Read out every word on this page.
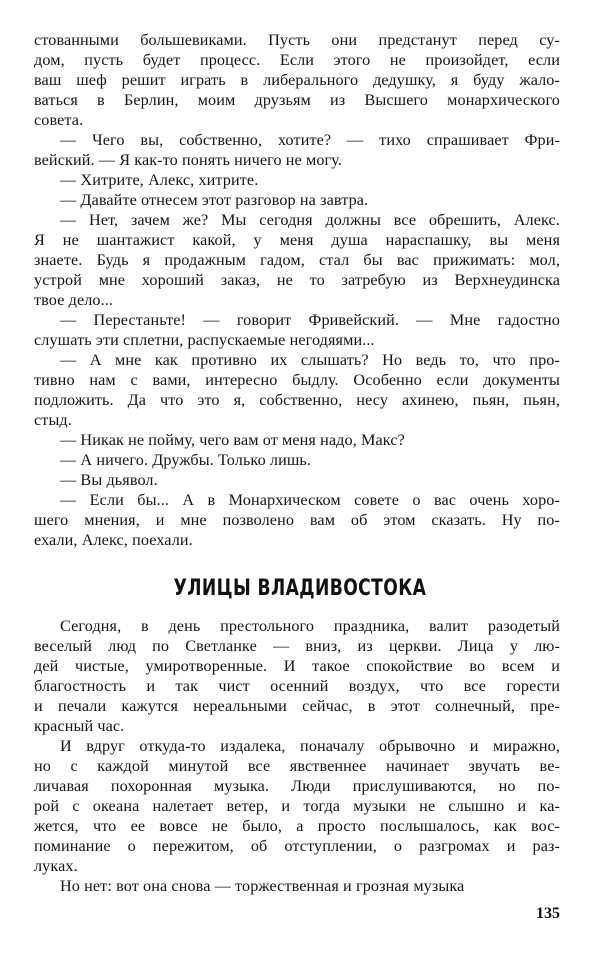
стованными большевиками. Пусть они предстанут перед су-
дом, пусть будет процесс. Если этого не произойдет, если
ваш шеф решит играть в либерального дедушку, я буду жало-
ваться в Берлин, моим друзьям из Высшего монархического
совета.
— Чего вы, собственно, хотите? — тихо спрашивает Фри-
вейский. — Я как-то понять ничего не могу.
— Хитрите, Алекс, хитрите.
— Давайте отнесем этот разговор на завтра.
— Нет, зачем же? Мы сегодня должны все обрешить, Алекс.
Я не шантажист какой, у меня душа нараспашку, вы меня
знаете. Будь я продажным гадом, стал бы вас прижимать: мол,
устрой мне хороший заказ, не то затребую из Верхнеудинска
твое дело...
— Перестаньте! — говорит Фривейский. — Мне гадостно
слушать эти сплетни, распускаемые негодяями...
— А мне как противно их слышать? Но ведь то, что про-
тивно нам с вами, интересно быдлу. Особенно если документы
подложить. Да что это я, собственно, несу ахинею, пьян, пьян,
стыд.
— Никак не пойму, чего вам от меня надо, Макс?
— А ничего. Дружбы. Только лишь.
— Вы дьявол.
— Если бы... А в Монархическом совете о вас очень хоро-
шего мнения, и мне позволено вам об этом сказать. Ну по-
ехали, Алекс, поехали.
Сегодня, в день престольного праздника, валит разодетый
веселый люд по Светланке — вниз, из церкви. Лица у лю-
дей чистые, умиротворенные. И такое спокойствие во всем и
благостность и так чист осенний воздух, что все горести
и печали кажутся нереальными сейчас, в этот солнечный, пре-
красный час.
И вдруг откуда-то издалека, поначалу обрывочно и миражно,
но с каждой минутой все явственнее начинает звучать ве-
личавая похоронная музыка. Люди прислушиваются, но по-
рой с океана налетает ветер, и тогда музыки не слышно и ка-
жется, что ее вовсе не было, а просто послышалось, как вос-
поминание о пережитом, об отступлении, о разгромах и раз-
луках.
Но нет: вот она снова — торжественная и грозная музыка
УЛИЦЫ ВЛАДИВОСТОКА
135
